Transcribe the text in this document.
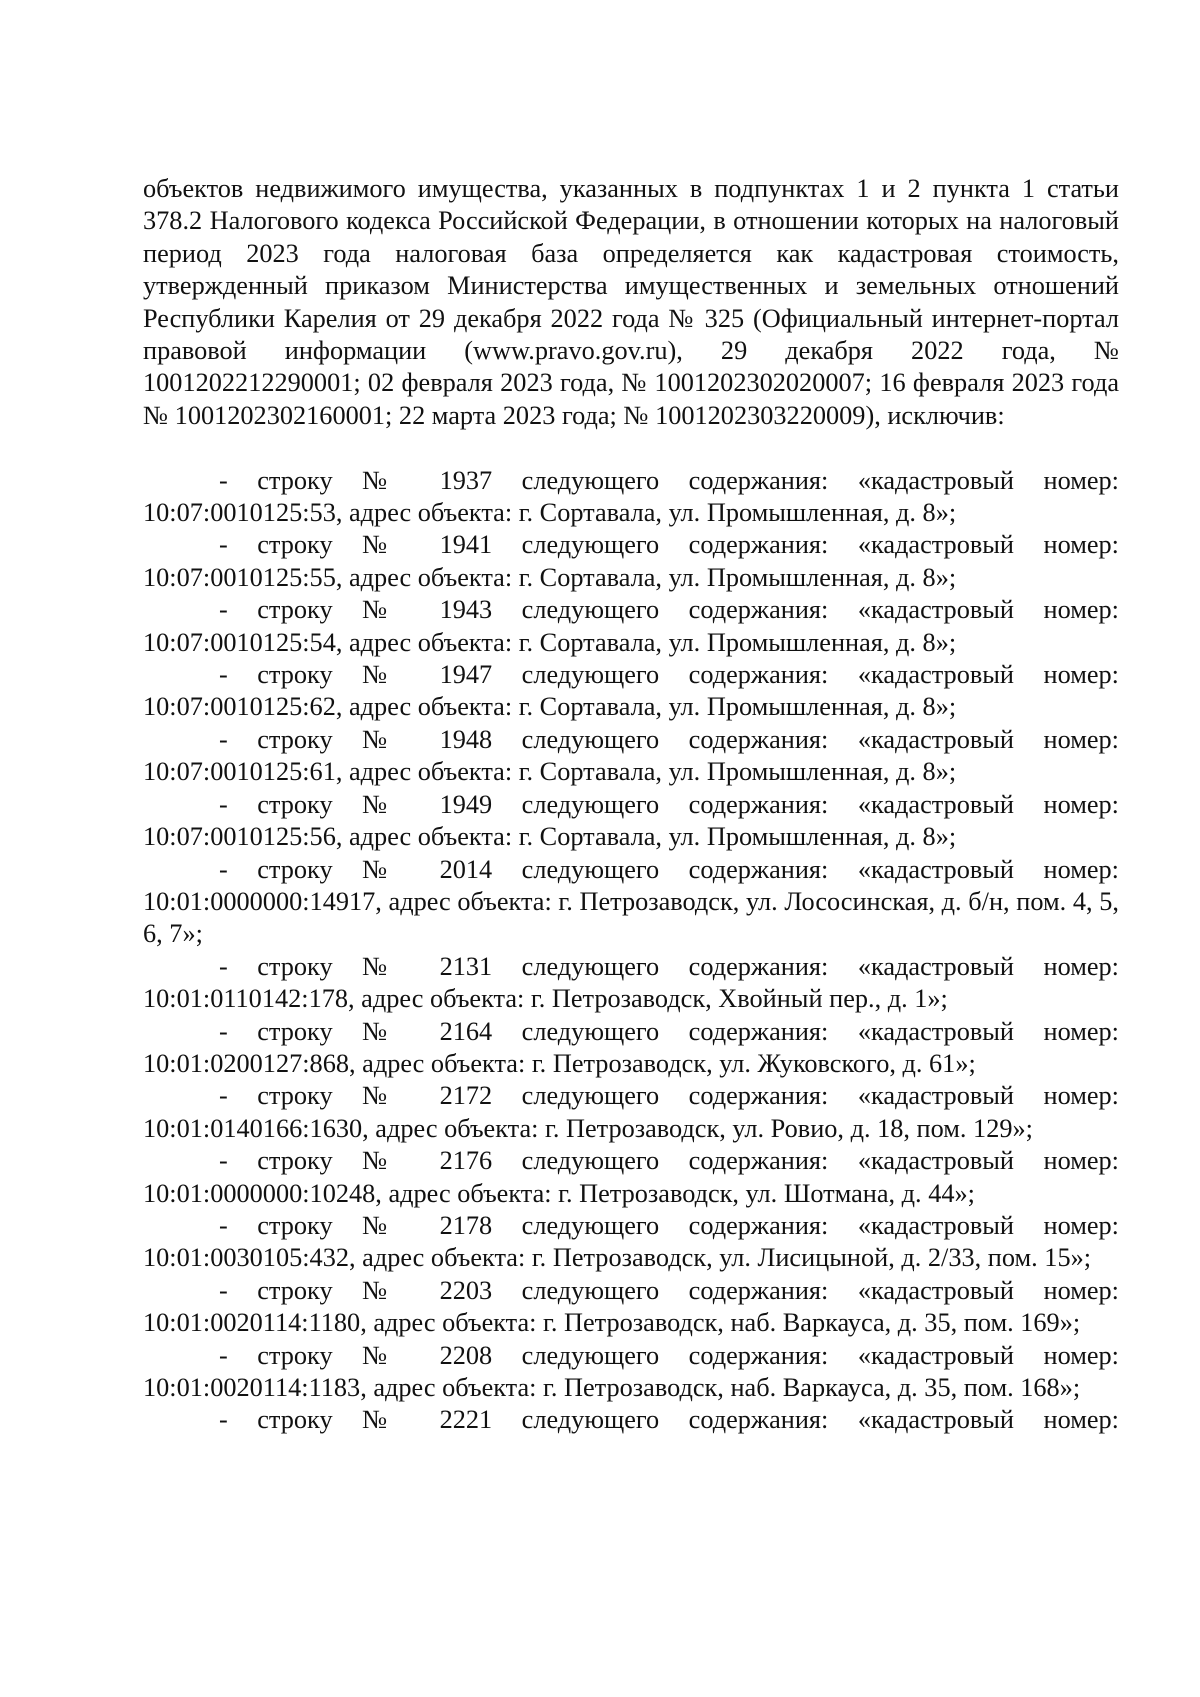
объектов недвижимого имущества, указанных в подпунктах 1 и 2 пункта 1 статьи 378.2 Налогового кодекса Российской Федерации, в отношении которых на налоговый период 2023 года налоговая база определяется как кадастровая стоимость, утвержденный приказом Министерства имущественных и земельных отношений Республики Карелия от 29 декабря 2022 года № 325 (Официальный интернет-портал правовой информации (www.pravo.gov.ru), 29 декабря 2022 года, № 1001202212290001; 02 февраля 2023 года, № 1001202302020007; 16 февраля 2023 года № 1001202302160001; 22 марта 2023 года; № 1001202303220009), исключив:

- строку № 1937 следующего содержания: «кадастровый номер: 10:07:0010125:53, адрес объекта: г. Сортавала, ул. Промышленная, д. 8»;

- строку № 1941 следующего содержания: «кадастровый номер: 10:07:0010125:55, адрес объекта: г. Сортавала, ул. Промышленная, д. 8»;

- строку № 1943 следующего содержания: «кадастровый номер: 10:07:0010125:54, адрес объекта: г. Сортавала, ул. Промышленная, д. 8»;

- строку № 1947 следующего содержания: «кадастровый номер: 10:07:0010125:62, адрес объекта: г. Сортавала, ул. Промышленная, д. 8»;

- строку № 1948 следующего содержания: «кадастровый номер: 10:07:0010125:61, адрес объекта: г. Сортавала, ул. Промышленная, д. 8»;

- строку № 1949 следующего содержания: «кадастровый номер: 10:07:0010125:56, адрес объекта: г. Сортавала, ул. Промышленная, д. 8»;

- строку № 2014 следующего содержания: «кадастровый номер: 10:01:0000000:14917, адрес объекта: г. Петрозаводск, ул. Лососинская, д. б/н, пом. 4, 5, 6, 7»;

- строку № 2131 следующего содержания: «кадастровый номер: 10:01:0110142:178, адрес объекта: г. Петрозаводск, Хвойный пер., д. 1»;

- строку № 2164 следующего содержания: «кадастровый номер: 10:01:0200127:868, адрес объекта: г. Петрозаводск, ул. Жуковского, д. 61»;

- строку № 2172 следующего содержания: «кадастровый номер: 10:01:0140166:1630, адрес объекта: г. Петрозаводск, ул. Ровио, д. 18, пом. 129»;

- строку № 2176 следующего содержания: «кадастровый номер: 10:01:0000000:10248, адрес объекта: г. Петрозаводск, ул. Шотмана, д. 44»;

- строку № 2178 следующего содержания: «кадастровый номер: 10:01:0030105:432, адрес объекта: г. Петрозаводск, ул. Лисицыной, д. 2/33, пом. 15»;

- строку № 2203 следующего содержания: «кадастровый номер: 10:01:0020114:1180, адрес объекта: г. Петрозаводск, наб. Варкауса, д. 35, пом. 169»;

- строку № 2208 следующего содержания: «кадастровый номер: 10:01:0020114:1183, адрес объекта: г. Петрозаводск, наб. Варкауса, д. 35, пом. 168»;

- строку № 2221 следующего содержания: «кадастровый номер:
